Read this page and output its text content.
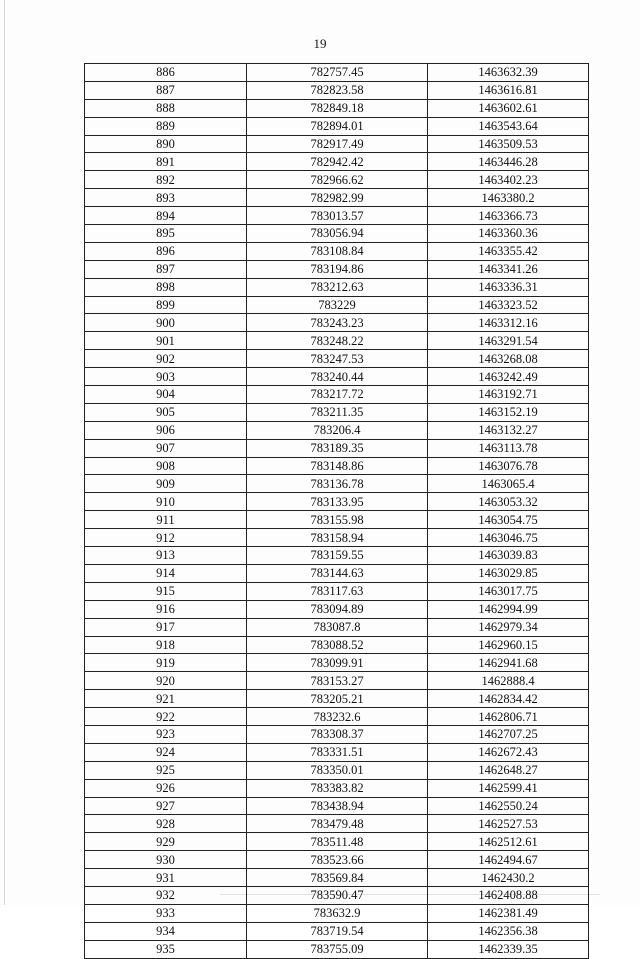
19
886	782757.45	1463632.39
887	782823.58	1463616.81
888	782849.18	1463602.61
889	782894.01	1463543.64
890	782917.49	1463509.53
891	782942.42	1463446.28
892	782966.62	1463402.23
893	782982.99	1463380.2
894	783013.57	1463366.73
895	783056.94	1463360.36
896	783108.84	1463355.42
897	783194.86	1463341.26
898	783212.63	1463336.31
899	783229	1463323.52
900	783243.23	1463312.16
901	783248.22	1463291.54
902	783247.53	1463268.08
903	783240.44	1463242.49
904	783217.72	1463192.71
905	783211.35	1463152.19
906	783206.4	1463132.27
907	783189.35	1463113.78
908	783148.86	1463076.78
909	783136.78	1463065.4
910	783133.95	1463053.32
911	783155.98	1463054.75
912	783158.94	1463046.75
913	783159.55	1463039.83
914	783144.63	1463029.85
915	783117.63	1463017.75
916	783094.89	1462994.99
917	783087.8	1462979.34
918	783088.52	1462960.15
919	783099.91	1462941.68
920	783153.27	1462888.4
921	783205.21	1462834.42
922	783232.6	1462806.71
923	783308.37	1462707.25
924	783331.51	1462672.43
925	783350.01	1462648.27
926	783383.82	1462599.41
927	783438.94	1462550.24
928	783479.48	1462527.53
929	783511.48	1462512.61
930	783523.66	1462494.67
931	783569.84	1462430.2
932	783590.47	1462408.88
933	783632.9	1462381.49
934	783719.54	1462356.38
935	783755.09	1462339.35
